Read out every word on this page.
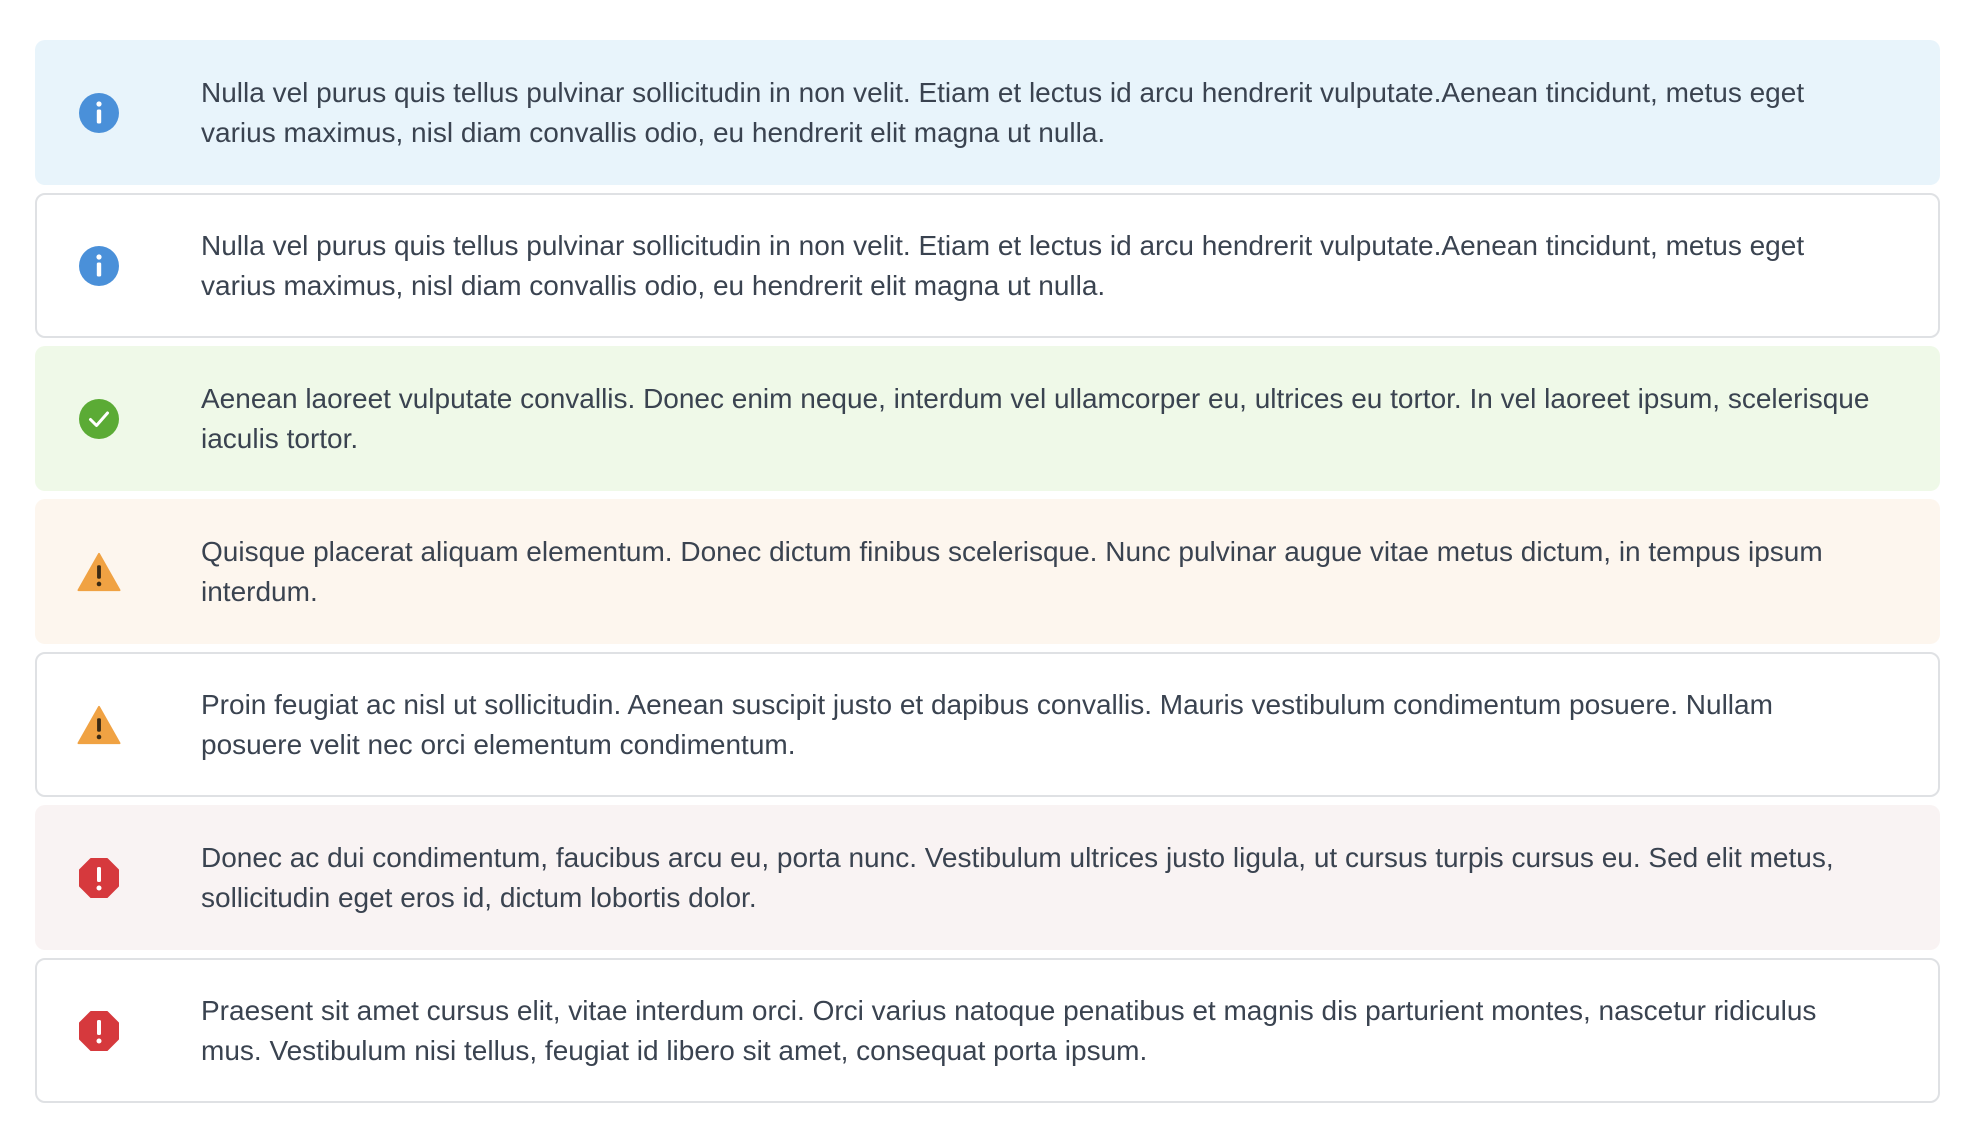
Nulla vel purus quis tellus pulvinar sollicitudin in non velit. Etiam et lectus id arcu hendrerit vulputate.Aenean tincidunt, metus eget varius maximus, nisl diam convallis odio, eu hendrerit elit magna ut nulla.
Nulla vel purus quis tellus pulvinar sollicitudin in non velit. Etiam et lectus id arcu hendrerit vulputate.Aenean tincidunt, metus eget varius maximus, nisl diam convallis odio, eu hendrerit elit magna ut nulla.
Aenean laoreet vulputate convallis. Donec enim neque, interdum vel ullamcorper eu, ultrices eu tortor. In vel laoreet ipsum, scelerisque iaculis tortor.
Quisque placerat aliquam elementum. Donec dictum finibus scelerisque. Nunc pulvinar augue vitae metus dictum, in tempus ipsum interdum.
Proin feugiat ac nisl ut sollicitudin. Aenean suscipit justo et dapibus convallis. Mauris vestibulum condimentum posuere. Nullam posuere velit nec orci elementum condimentum.
Donec ac dui condimentum, faucibus arcu eu, porta nunc. Vestibulum ultrices justo ligula, ut cursus turpis cursus eu. Sed elit metus, sollicitudin eget eros id, dictum lobortis dolor.
Praesent sit amet cursus elit, vitae interdum orci. Orci varius natoque penatibus et magnis dis parturient montes, nascetur ridiculus mus. Vestibulum nisi tellus, feugiat id libero sit amet, consequat porta ipsum.
